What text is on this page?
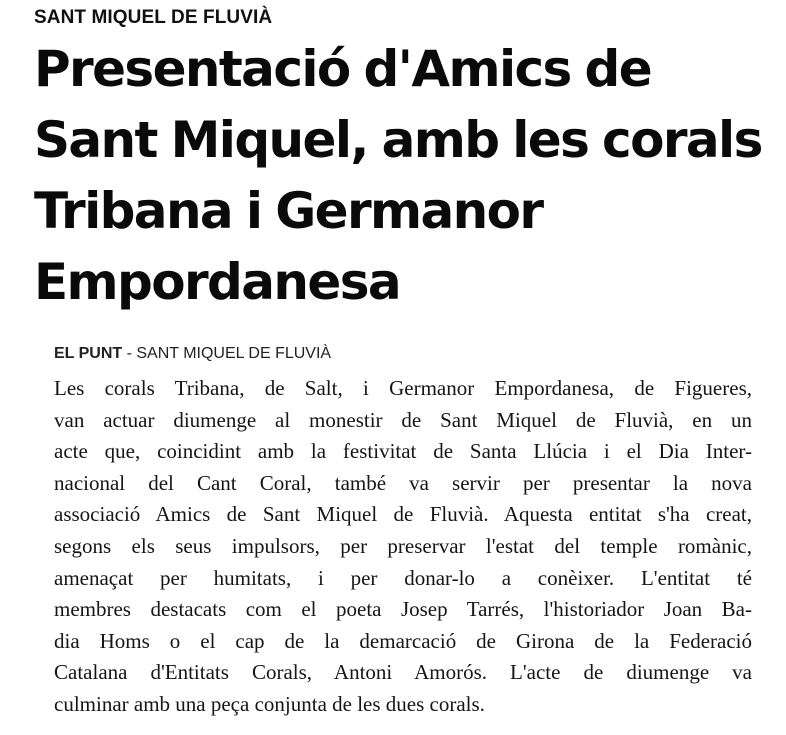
SANT MIQUEL DE FLUVIÀ
Presentació d'Amics de Sant Miquel, amb les corals Tribana i Germanor Empordanesa
EL PUNT - SANT MIQUEL DE FLUVIÀ
Les corals Tribana, de Salt, i Germanor Empordanesa, de Figueres,
van actuar diumenge al monestir de Sant Miquel de Fluvià, en un
acte que, coincidint amb la festivitat de Santa Llúcia i el Dia Inter-
nacional del Cant Coral, també va servir per presentar la nova
associació Amics de Sant Miquel de Fluvià. Aquesta entitat s'ha creat,
segons els seus impulsors, per preservar l'estat del temple romànic,
amenaçat per humitats, i per donar-lo a conèixer. L'entitat té
membres destacats com el poeta Josep Tarrés, l'historiador Joan Ba-
dia Homs o el cap de la demarcació de Girona de la Federació
Catalana d'Entitats Corals, Antoni Amorós. L'acte de diumenge va
culminar amb una peça conjunta de les dues corals.
